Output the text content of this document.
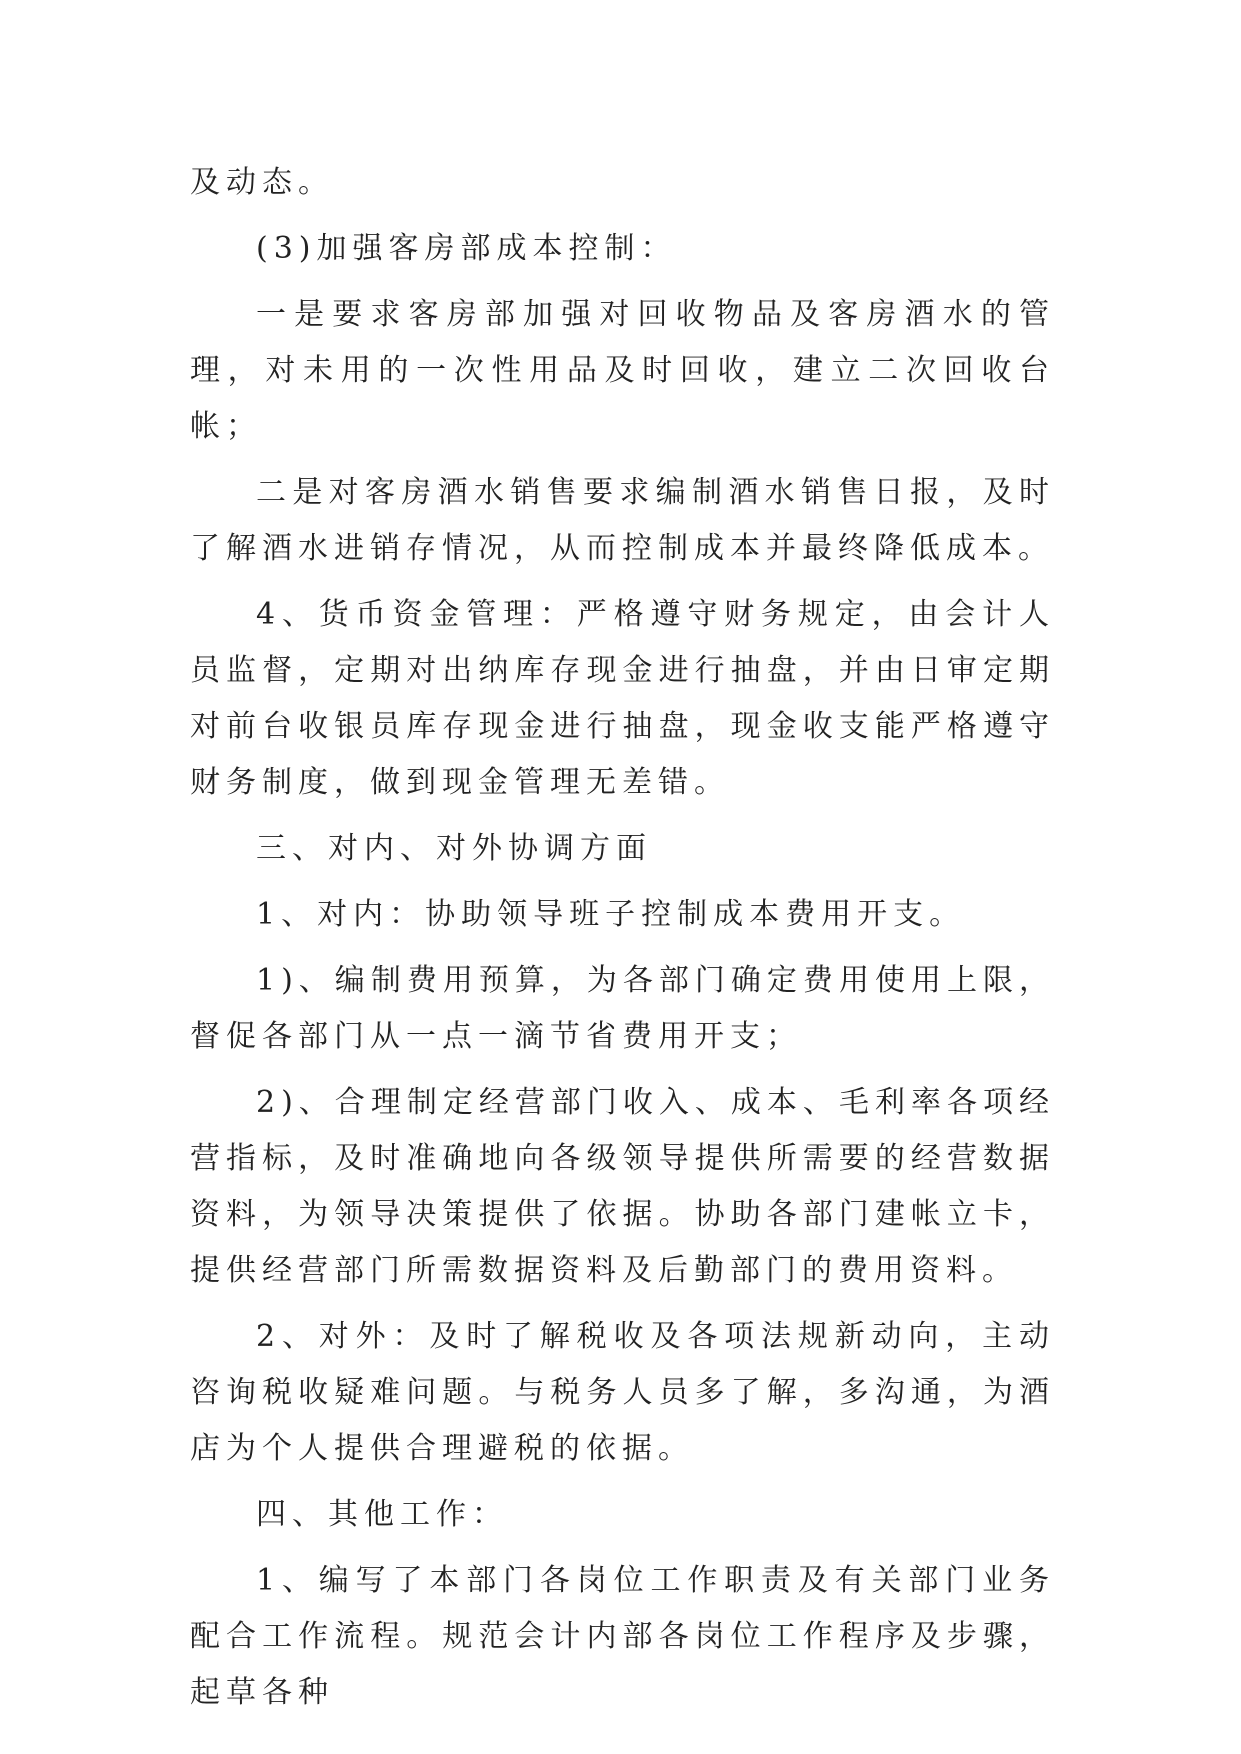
及动态。

(3)加强客房部成本控制：

一是要求客房部加强对回收物品及客房酒水的管理，对未用的一次性用品及时回收，建立二次回收台帐；

二是对客房酒水销售要求编制酒水销售日报，及时了解酒水进销存情况，从而控制成本并最终降低成本。

4、货币资金管理：严格遵守财务规定，由会计人员监督，定期对出纳库存现金进行抽盘，并由日审定期对前台收银员库存现金进行抽盘，现金收支能严格遵守财务制度，做到现金管理无差错。

三、对内、对外协调方面

1、对内：协助领导班子控制成本费用开支。

1)、编制费用预算，为各部门确定费用使用上限，督促各部门从一点一滴节省费用开支；

2)、合理制定经营部门收入、成本、毛利率各项经营指标，及时准确地向各级领导提供所需要的经营数据资料，为领导决策提供了依据。协助各部门建帐立卡，提供经营部门所需数据资料及后勤部门的费用资料。

2、对外：及时了解税收及各项法规新动向，主动咨询税收疑难问题。与税务人员多了解，多沟通，为酒店为个人提供合理避税的依据。

四、其他工作：

1、编写了本部门各岗位工作职责及有关部门业务配合工作流程。规范会计内部各岗位工作程序及步骤，起草各种
